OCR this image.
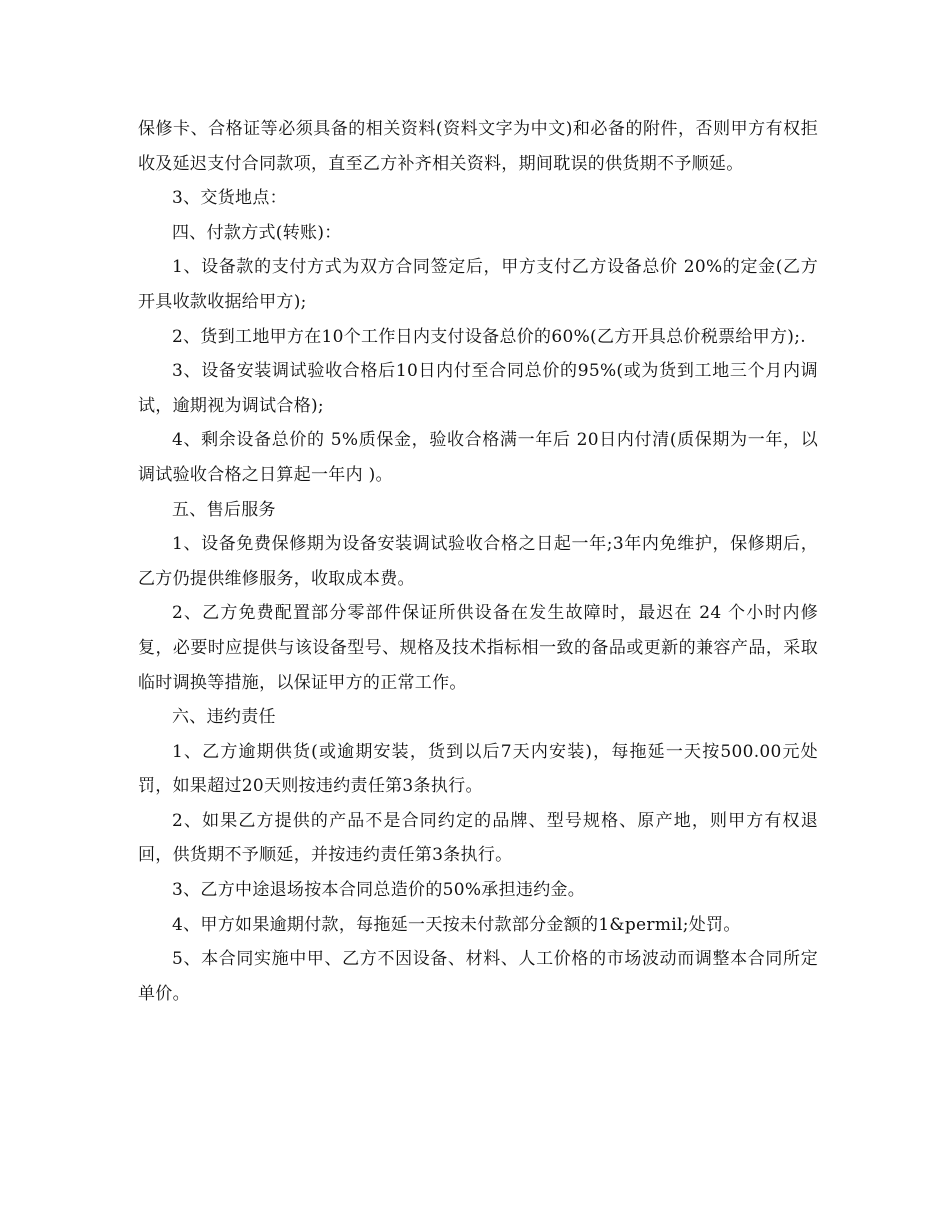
保修卡、合格证等必须具备的相关资料(资料文字为中文)和必备的附件，否则甲方有权拒收及延迟支付合同款项，直至乙方补齐相关资料，期间耽误的供货期不予顺延。

3、交货地点：

四、付款方式(转账)：

1、设备款的支付方式为双方合同签定后，甲方支付乙方设备总价 20%的定金(乙方开具收款收据给甲方);

2、货到工地甲方在10个工作日内支付设备总价的60%(乙方开具总价税票给甲方);.

3、设备安装调试验收合格后10日内付至合同总价的95%(或为货到工地三个月内调试，逾期视为调试合格);

4、剩余设备总价的 5%质保金，验收合格满一年后 20日内付清(质保期为一年，以调试验收合格之日算起一年内 )。

五、售后服务

1、设备免费保修期为设备安装调试验收合格之日起一年;3年内免维护，保修期后，乙方仍提供维修服务，收取成本费。

2、乙方免费配置部分零部件保证所供设备在发生故障时，最迟在 24 个小时内修复，必要时应提供与该设备型号、规格及技术指标相一致的备品或更新的兼容产品，采取临时调换等措施，以保证甲方的正常工作。

六、违约责任

1、乙方逾期供货(或逾期安装，货到以后7天内安装)，每拖延一天按500.00元处罚，如果超过20天则按违约责任第3条执行。

2、如果乙方提供的产品不是合同约定的品牌、型号规格、原产地，则甲方有权退回，供货期不予顺延，并按违约责任第3条执行。

3、乙方中途退场按本合同总造价的50%承担违约金。

4、甲方如果逾期付款，每拖延一天按未付款部分金额的1&permil;处罚。

5、本合同实施中甲、乙方不因设备、材料、人工价格的市场波动而调整本合同所定单价。
